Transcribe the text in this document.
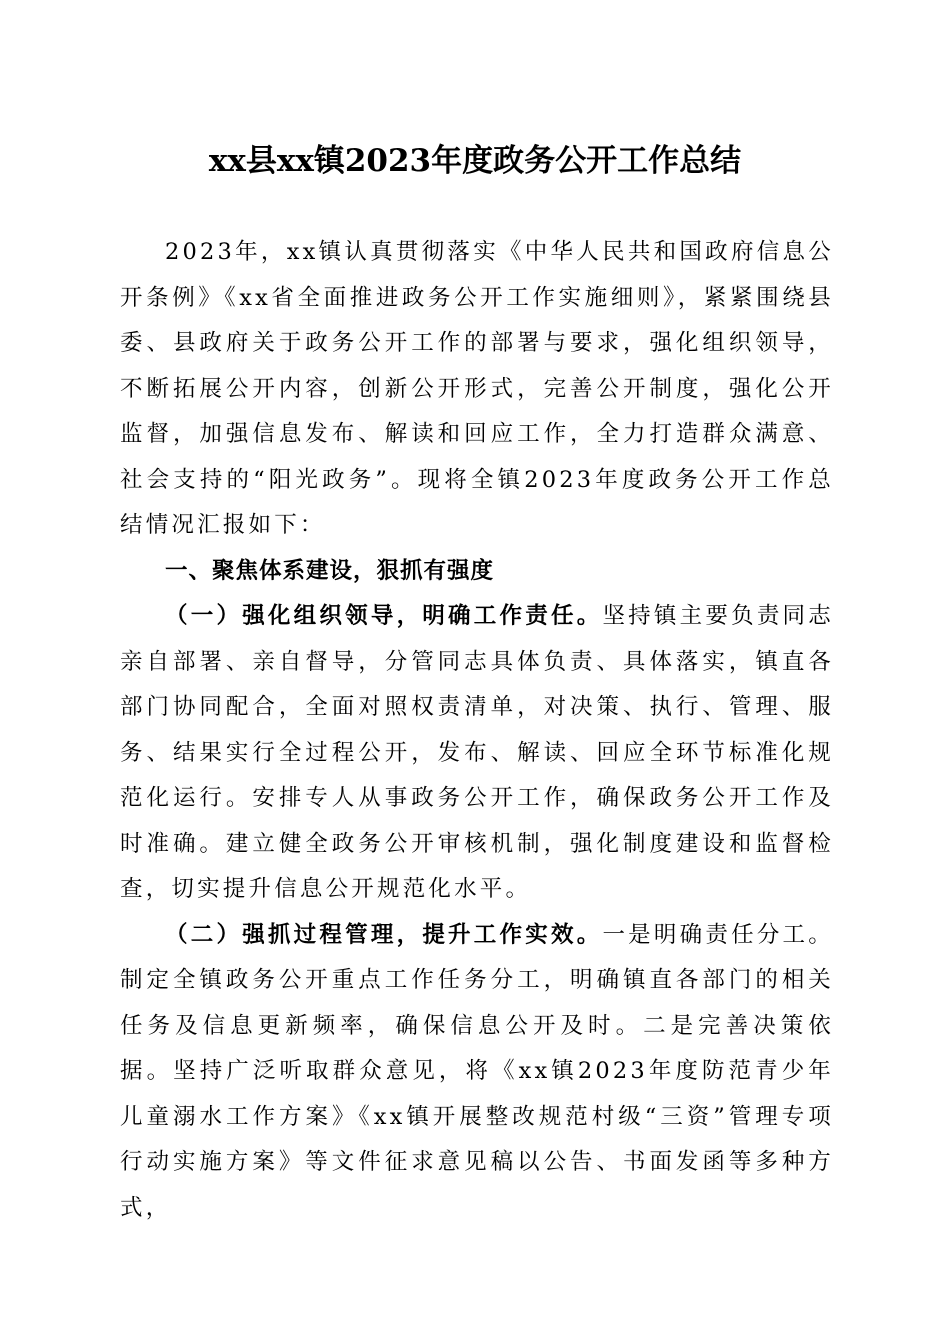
xx县xx镇2023年度政务公开工作总结

2023年，xx镇认真贯彻落实《中华人民共和国政府信息公开条例》《xx省全面推进政务公开工作实施细则》，紧紧围绕县委、县政府关于政务公开工作的部署与要求，强化组织领导，不断拓展公开内容，创新公开形式，完善公开制度，强化公开监督，加强信息发布、解读和回应工作，全力打造群众满意、社会支持的“阳光政务”。现将全镇2023年度政务公开工作总结情况汇报如下：

一、聚焦体系建设，狠抓有强度

（一）强化组织领导，明确工作责任。坚持镇主要负责同志亲自部署、亲自督导，分管同志具体负责、具体落实，镇直各部门协同配合，全面对照权责清单，对决策、执行、管理、服务、结果实行全过程公开，发布、解读、回应全环节标准化规范化运行。安排专人从事政务公开工作，确保政务公开工作及时准确。建立健全政务公开审核机制，强化制度建设和监督检查，切实提升信息公开规范化水平。

（二）强抓过程管理，提升工作实效。一是明确责任分工。制定全镇政务公开重点工作任务分工，明确镇直各部门的相关任务及信息更新频率，确保信息公开及时。二是完善决策依据。坚持广泛听取群众意见，将《xx镇2023年度防范青少年儿童溺水工作方案》《xx镇开展整改规范村级“三资”管理专项行动实施方案》等文件征求意见稿以公告、书面发函等多种方式，
